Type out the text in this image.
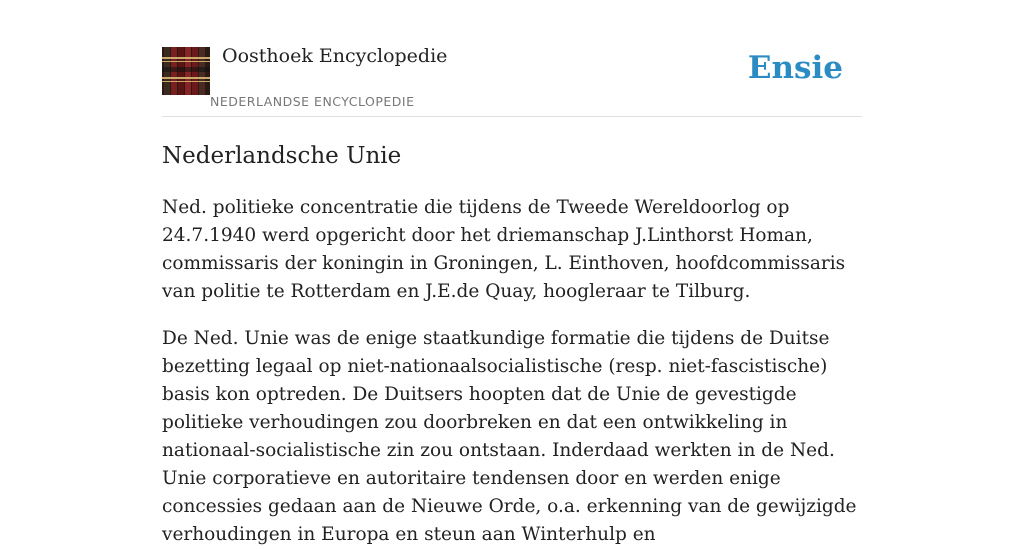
Oosthoek Encyclopedie
NEDERLANDSE ENCYCLOPEDIE
Ensie
Nederlandsche Unie

Ned. politieke concentratie die tijdens de Tweede Wereldoorlog op 24.7.1940 werd opgericht door het driemanschap J.Linthorst Homan, commissaris der koningin in Groningen, L. Einthoven, hoofdcommissaris van politie te Rotterdam en J.E.de Quay, hoogleraar te Tilburg.

De Ned. Unie was de enige staatkundige formatie die tijdens de Duitse bezetting legaal op niet-nationaalsocialistische (resp. niet-fascistische) basis kon optreden. De Duitsers hoopten dat de Unie de gevestigde politieke verhoudingen zou doorbreken en dat een ontwikkeling in nationaal-socialistische zin zou ontstaan. Inderdaad werkten in de Ned. Unie corporatieve en autoritaire tendensen door en werden enige concessies gedaan aan de Nieuwe Orde, o.a. erkenning van de gewijzigde verhoudingen in Europa en steun aan Winterhulp en
